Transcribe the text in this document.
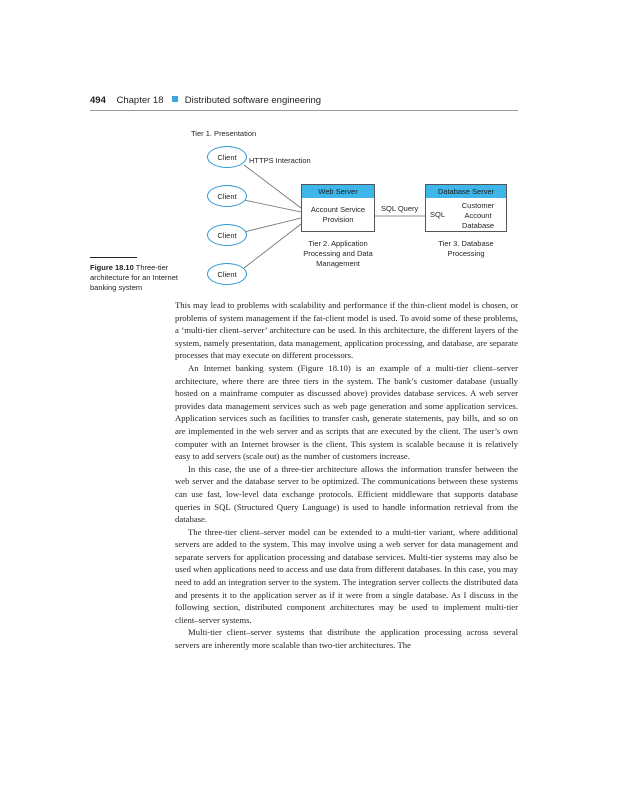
494 Chapter 18 Distributed software engineering
Tier 1. Presentation
Client	HTTPS Interaction
Client
Client
Client
Web Server
Account Service
Provision
SQL Query
Database Server
SQL
Customer
Account
Database
Tier 2. Application
Processing and Data
Management
Tier 3. Database
Processing
Figure 18.10 Three-tier architecture for an Internet banking system

This may lead to problems with scalability and performance if the thin-client model is chosen, or problems of system management if the fat-client model is used. To avoid some of these problems, a ‘multi-tier client–server’ architecture can be used. In this architecture, the different layers of the system, namely presentation, data management, application processing, and database, are separate processes that may execute on different processors.

An Internet banking system (Figure 18.10) is an example of a multi-tier client–server architecture, where there are three tiers in the system. The bank’s customer database (usually hosted on a mainframe computer as discussed above) provides database services. A web server provides data management services such as web page generation and some application services. Application services such as facilities to transfer cash, generate statements, pay bills, and so on are implemented in the web server and as scripts that are executed by the client. The user’s own computer with an Internet browser is the client. This system is scalable because it is relatively easy to add servers (scale out) as the number of customers increase.

In this case, the use of a three-tier architecture allows the information transfer between the web server and the database server to be optimized. The communications between these systems can use fast, low-level data exchange protocols. Efficient middleware that supports database queries in SQL (Structured Query Language) is used to handle information retrieval from the database.

The three-tier client–server model can be extended to a multi-tier variant, where additional servers are added to the system. This may involve using a web server for data management and separate servers for application processing and database services. Multi-tier systems may also be used when applications need to access and use data from different databases. In this case, you may need to add an integration server to the system. The integration server collects the distributed data and presents it to the application server as if it were from a single database. As I discuss in the following section, distributed component architectures may be used to implement multi-tier client–server systems.

Multi-tier client–server systems that distribute the application processing across several servers are inherently more scalable than two-tier architectures. The
